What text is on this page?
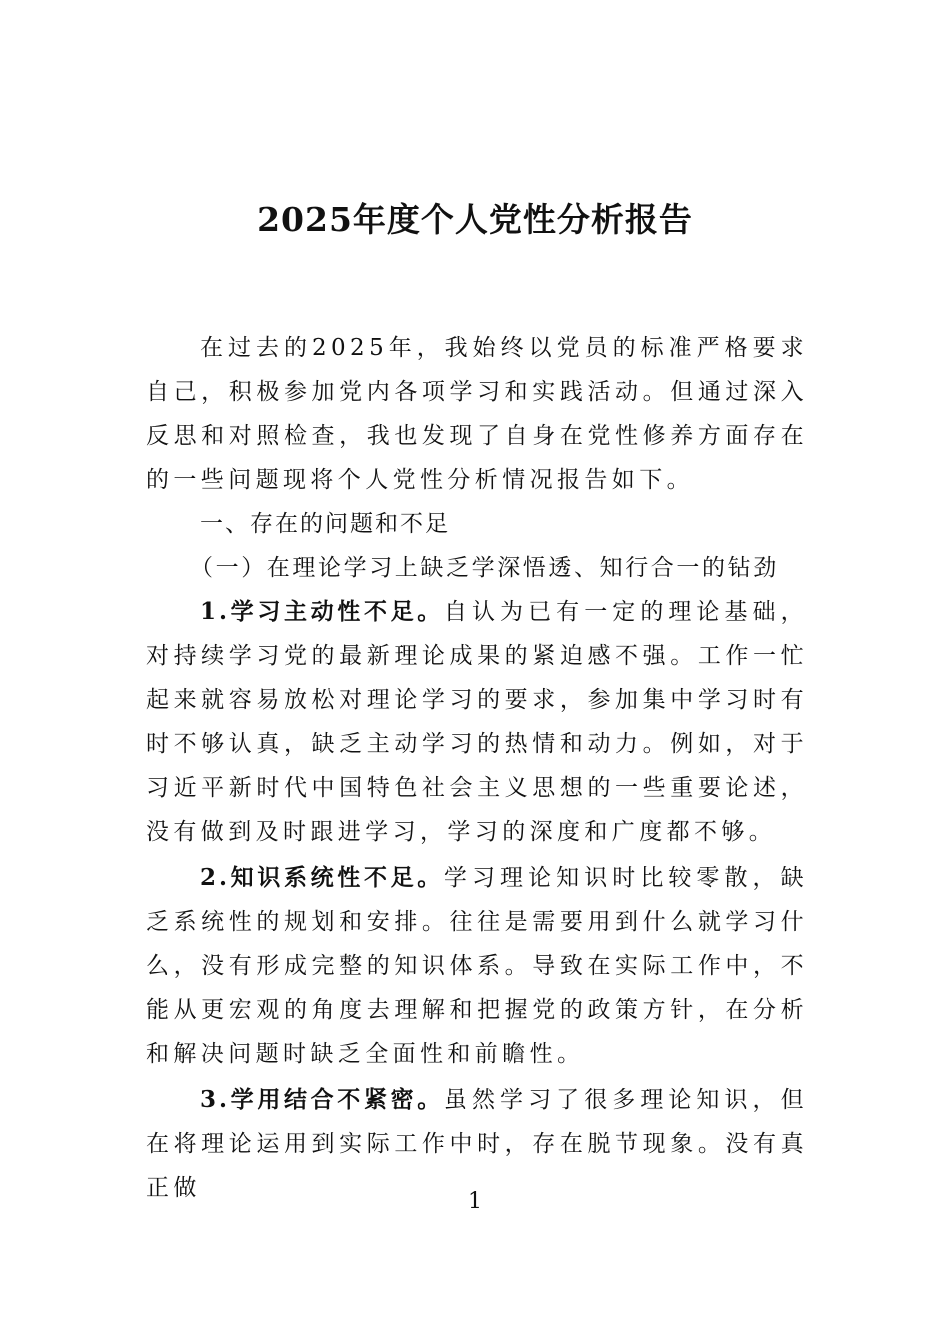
2025年度个人党性分析报告

在过去的2025年，我始终以党员的标准严格要求自己，积极参加党内各项学习和实践活动。但通过深入反思和对照检查，我也发现了自身在党性修养方面存在的一些问题现将个人党性分析情况报告如下。

一、存在的问题和不足

（一）在理论学习上缺乏学深悟透、知行合一的钻劲

1.学习主动性不足。自认为已有一定的理论基础，对持续学习党的最新理论成果的紧迫感不强。工作一忙起来就容易放松对理论学习的要求，参加集中学习时有时不够认真，缺乏主动学习的热情和动力。例如，对于习近平新时代中国特色社会主义思想的一些重要论述，没有做到及时跟进学习，学习的深度和广度都不够。

2.知识系统性不足。学习理论知识时比较零散，缺乏系统性的规划和安排。往往是需要用到什么就学习什么，没有形成完整的知识体系。导致在实际工作中，不能从更宏观的角度去理解和把握党的政策方针，在分析和解决问题时缺乏全面性和前瞻性。

3.学用结合不紧密。虽然学习了很多理论知识，但在将理论运用到实际工作中时，存在脱节现象。没有真正做

1
